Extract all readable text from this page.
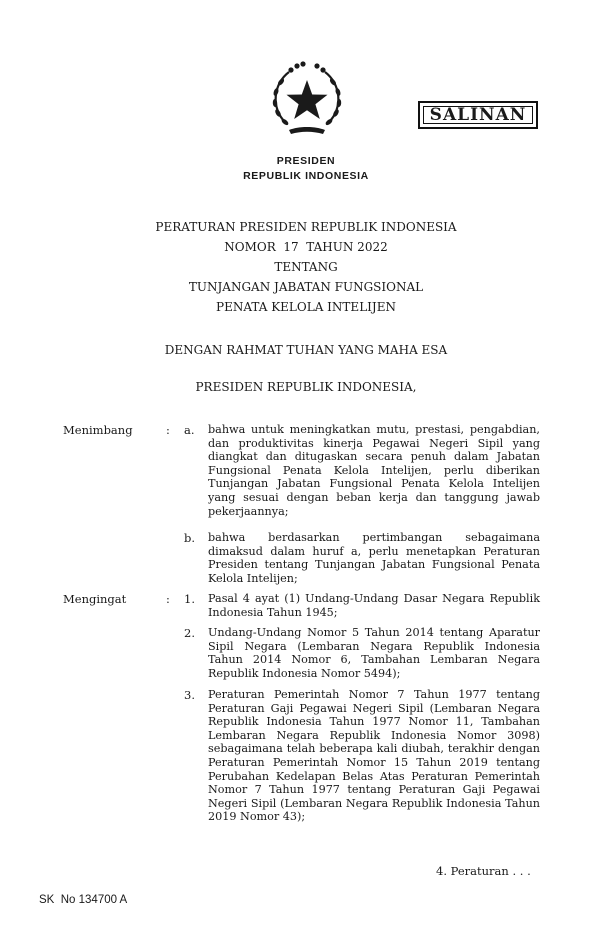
SALINAN
PRESIDEN
REPUBLIK INDONESIA
PERATURAN PRESIDEN REPUBLIK INDONESIA
NOMOR  17  TAHUN 2022
TENTANG
TUNJANGAN JABATAN FUNGSIONAL
PENATA KELOLA INTELIJEN
DENGAN RAHMAT TUHAN YANG MAHA ESA
PRESIDEN REPUBLIK INDONESIA,
Menimbang	: a. bahwa untuk meningkatkan mutu, prestasi, pengabdian, dan produktivitas kinerja Pegawai Negeri Sipil yang diangkat dan ditugaskan secara penuh dalam Jabatan Fungsional Penata Kelola Intelijen, perlu diberikan Tunjangan Jabatan Fungsional Penata Kelola Intelijen yang sesuai dengan beban kerja dan tanggung jawab pekerjaannya;
b. bahwa berdasarkan pertimbangan sebagaimana dimaksud dalam huruf a, perlu menetapkan Peraturan Presiden tentang Tunjangan Jabatan Fungsional Penata Kelola Intelijen;
Mengingat	: 1. Pasal 4 ayat (1) Undang-Undang Dasar Negara Republik Indonesia Tahun 1945;
2. Undang-Undang Nomor 5 Tahun 2014 tentang Aparatur Sipil Negara (Lembaran Negara Republik Indonesia Tahun 2014 Nomor 6, Tambahan Lembaran Negara Republik Indonesia Nomor 5494);
3. Peraturan Pemerintah Nomor 7 Tahun 1977 tentang Peraturan Gaji Pegawai Negeri Sipil (Lembaran Negara Republik Indonesia Tahun 1977 Nomor 11, Tambahan Lembaran Negara Republik Indonesia Nomor 3098) sebagaimana telah beberapa kali diubah, terakhir dengan Peraturan Pemerintah Nomor 15 Tahun 2019 tentang Perubahan Kedelapan Belas Atas Peraturan Pemerintah Nomor 7 Tahun 1977 tentang Peraturan Gaji Pegawai Negeri Sipil (Lembaran Negara Republik Indonesia Tahun 2019 Nomor 43);
4. Peraturan . . .
SK  No 134700 A
